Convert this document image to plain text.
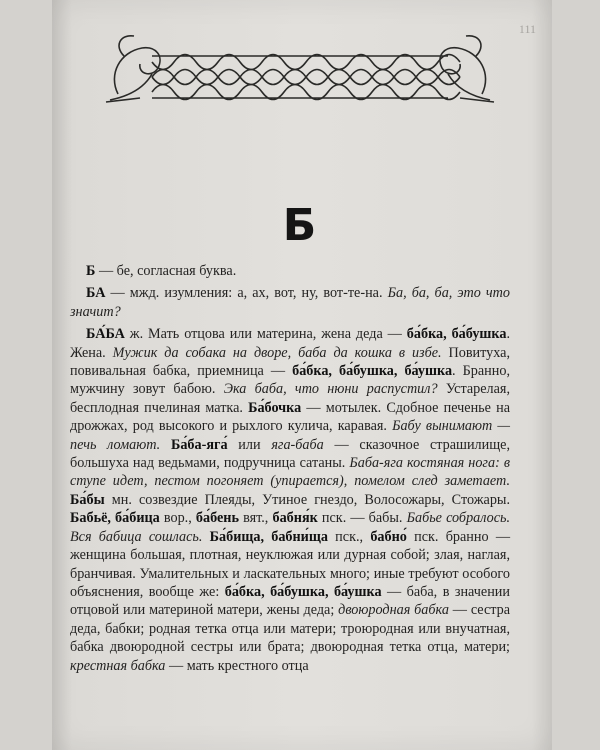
111
Б

Б — бе, согласная буква.

БА — мжд. изумления: а, ах, вот, ну, вот-те-на. Ба, ба, ба, это что значит?

БА́БА ж. Мать отцова или материна, жена деда — ба́бка, ба́бушка. Жена. Мужик да собака на дворе, баба да кошка в избе. Повитуха, повивальная бабка, приемница — ба́бка, ба́бушка, ба́ушка. Бранно, мужчину зовут бабою. Эка баба, что нюни распустил? Устарелая, бесплодная пчелиная матка. Ба́бочка — мотылек. Сдобное печенье на дрожжах, род высокого и рыхлого кулича, каравая. Бабу вынимают — печь ломают. Ба́ба-яга́ или яга-баба — сказочное страшилище, большуха над ведьмами, подручница сатаны. Баба-яга костяная нога: в ступе идет, пестом погоняет (упирается), помелом след заметает. Ба́бы мн. созвездие Плеяды, Утиное гнездо, Волосожары, Стожары. Бабьё, ба́бица вор., ба́бень вят., бабня́к пск. — бабы. Бабье собралось. Вся бабица сошлась. Ба́бища, бабни́ща пск., бабно́ пск. бранно — женщина большая, плотная, неуклюжая или дурная собой; злая, наглая, бранчивая. Умалительных и ласкательных много; иные требуют особого объяснения, вообще же: ба́бка, ба́бушка, ба́ушка — баба, в значении отцовой или материной матери, жены деда; двоюродная бабка — сестра деда, бабки; родная тетка отца или матери; троюродная или внучатная, бабка двоюродной сестры или брата; двоюродная тетка отца, матери; крестная бабка — мать крестного отца
